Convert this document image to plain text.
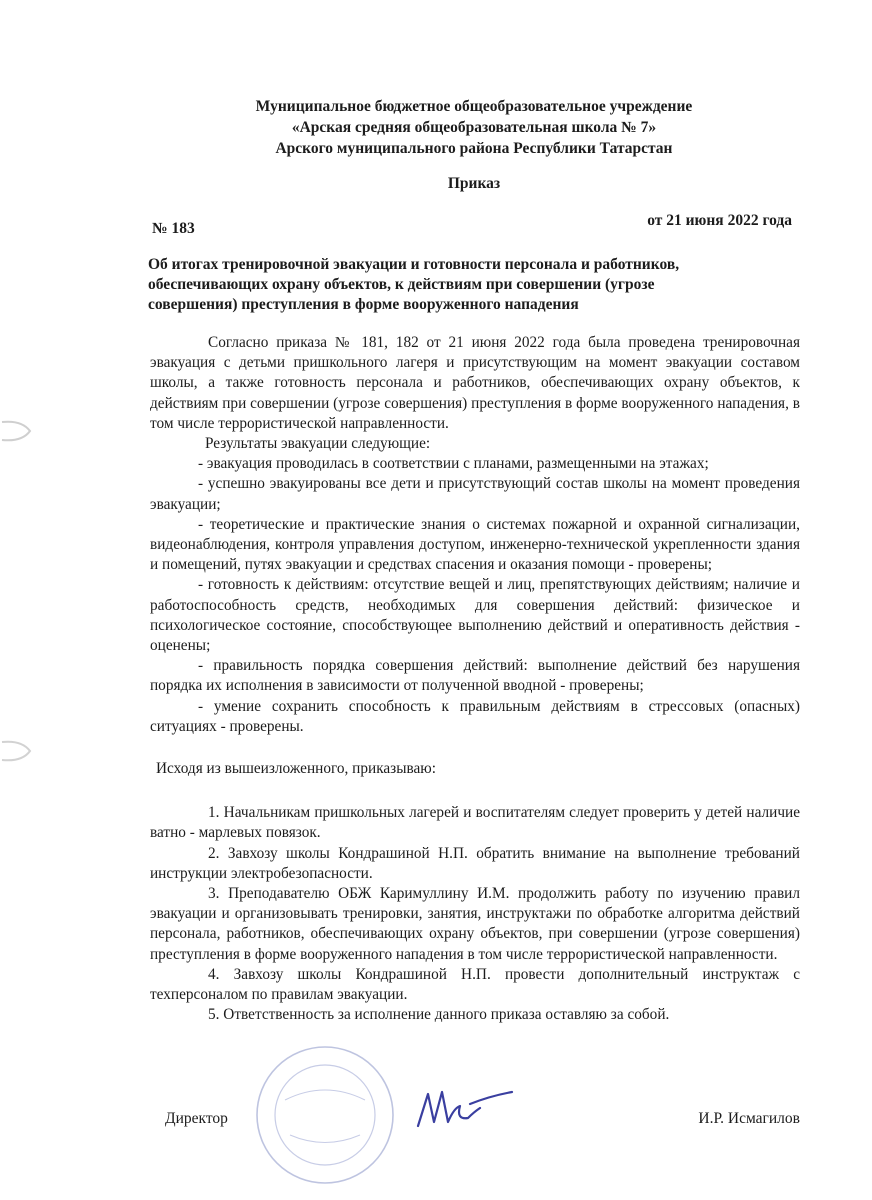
Муниципальное бюджетное общеобразовательное учреждение
«Арская средняя общеобразовательная школа № 7»
Арского муниципального района Республики Татарстан
Приказ
№ 183	от 21 июня 2022 года
Об итогах тренировочной эвакуации и готовности персонала и работников,
обеспечивающих охрану объектов, к действиям при совершении (угрозе
совершения) преступления в форме вооруженного нападения

Согласно приказа № 181, 182 от 21 июня 2022 года была проведена тренировочная эвакуация с детьми пришкольного лагеря и присутствующим на момент эвакуации составом школы, а также готовность персонала и работников, обеспечивающих охрану объектов, к действиям при совершении (угрозе совершения) преступления в форме вооруженного нападения, в том числе террористической направленности.

Результаты эвакуации следующие:

- эвакуация проводилась в соответствии с планами, размещенными на этажах;

- успешно эвакуированы все дети и присутствующий состав школы на момент проведения эвакуации;

- теоретические и практические знания о системах пожарной и охранной сигнализации, видеонаблюдения, контроля управления доступом, инженерно-технической укрепленности здания и помещений, путях эвакуации и средствах спасения и оказания помощи - проверены;

- готовность к действиям: отсутствие вещей и лиц, препятствующих действиям; наличие и работоспособность средств, необходимых для совершения действий: физическое и психологическое состояние, способствующее выполнению действий и оперативность действия - оценены;

- правильность порядка совершения действий: выполнение действий без нарушения порядка их исполнения в зависимости от полученной вводной - проверены;

- умение сохранить способность к правильным действиям в стрессовых (опасных) ситуациях - проверены.

Исходя из вышеизложенного, приказываю:

1. Начальникам пришкольных лагерей и воспитателям следует проверить у детей наличие ватно - марлевых повязок.

2. Завхозу школы Кондрашиной Н.П. обратить внимание на выполнение требований инструкции электробезопасности.

3. Преподавателю ОБЖ Каримуллину И.М. продолжить работу по изучению правил эвакуации и организовывать тренировки, занятия, инструктажи по обработке алгоритма действий персонала, работников, обеспечивающих охрану объектов, при совершении (угрозе совершения) преступления в форме вооруженного нападения в том числе террористической направленности.

4. Завхозу школы Кондрашиной Н.П. провести дополнительный инструктаж с техперсоналом по правилам эвакуации.

5. Ответственность за исполнение данного приказа оставляю за собой.

Директор	И.Р. Исмагилов
